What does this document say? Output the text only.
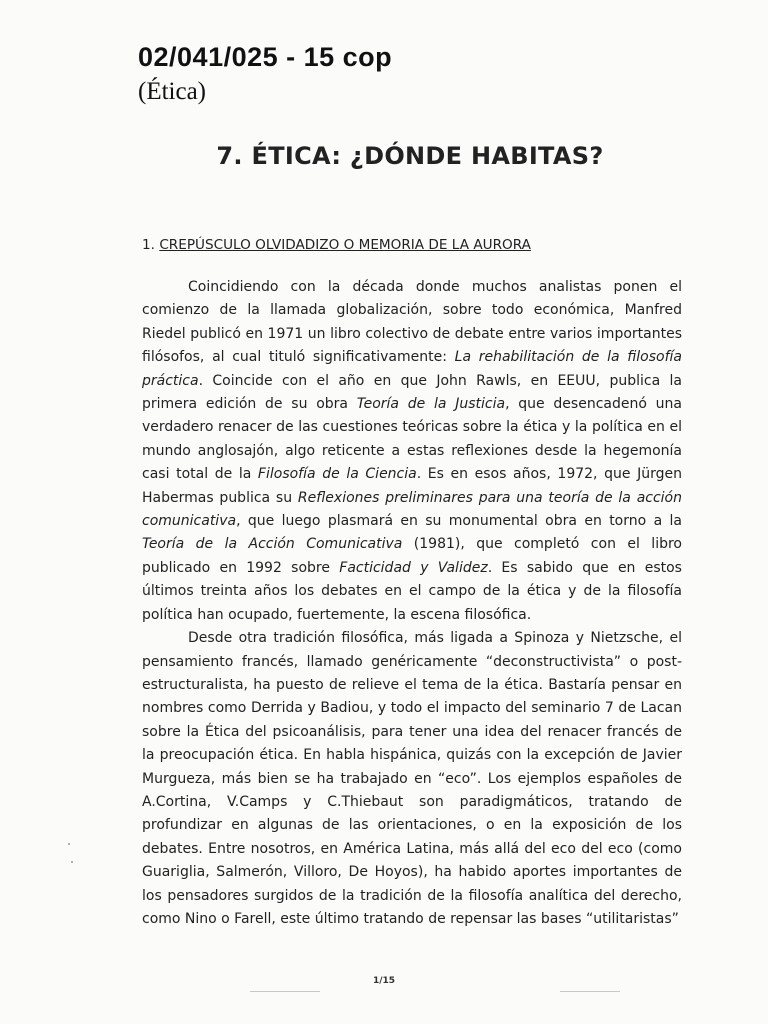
02/041/025 - 15 cop
(Ética)
7. ÉTICA: ¿DÓNDE HABITAS?
1. CREPÚSCULO OLVIDADIZO O MEMORIA DE LA AURORA

Coincidiendo con la década donde muchos analistas ponen el comienzo de la llamada globalización, sobre todo económica, Manfred Riedel publicó en 1971 un libro colectivo de debate entre varios importantes filósofos, al cual tituló significativamente: La rehabilitación de la filosofía práctica. Coincide con el año en que John Rawls, en EEUU, publica la primera edición de su obra Teoría de la Justicia, que desencadenó una verdadero renacer de las cuestiones teóricas sobre la ética y la política en el mundo anglosajón, algo reticente a estas reflexiones desde la hegemonía casi total de la Filosofía de la Ciencia. Es en esos años, 1972, que Jürgen Habermas publica su Reflexiones preliminares para una teoría de la acción comunicativa, que luego plasmará en su monumental obra en torno a la Teoría de la Acción Comunicativa (1981), que completó con el libro publicado en 1992 sobre Facticidad y Validez. Es sabido que en estos últimos treinta años los debates en el campo de la ética y de la filosofía política han ocupado, fuertemente, la escena filosófica.

Desde otra tradición filosófica, más ligada a Spinoza y Nietzsche, el pensamiento francés, llamado genéricamente “deconstructivista” o post-estructuralista, ha puesto de relieve el tema de la ética. Bastaría pensar en nombres como Derrida y Badiou, y todo el impacto del seminario 7 de Lacan sobre la Ética del psicoanálisis, para tener una idea del renacer francés de la preocupación ética. En habla hispánica, quizás con la excepción de Javier Murgueza, más bien se ha trabajado en “eco”. Los ejemplos españoles de A.Cortina, V.Camps y C.Thiebaut son paradigmáticos, tratando de profundizar en algunas de las orientaciones, o en la exposición de los debates. Entre nosotros, en América Latina, más allá del eco del eco (como Guariglia, Salmerón, Villoro, De Hoyos), ha habido aportes importantes de los pensadores surgidos de la tradición de la filosofía analítica del derecho, como Nino o Farell, este último tratando de repensar las bases “utilitaristas”

1/15
